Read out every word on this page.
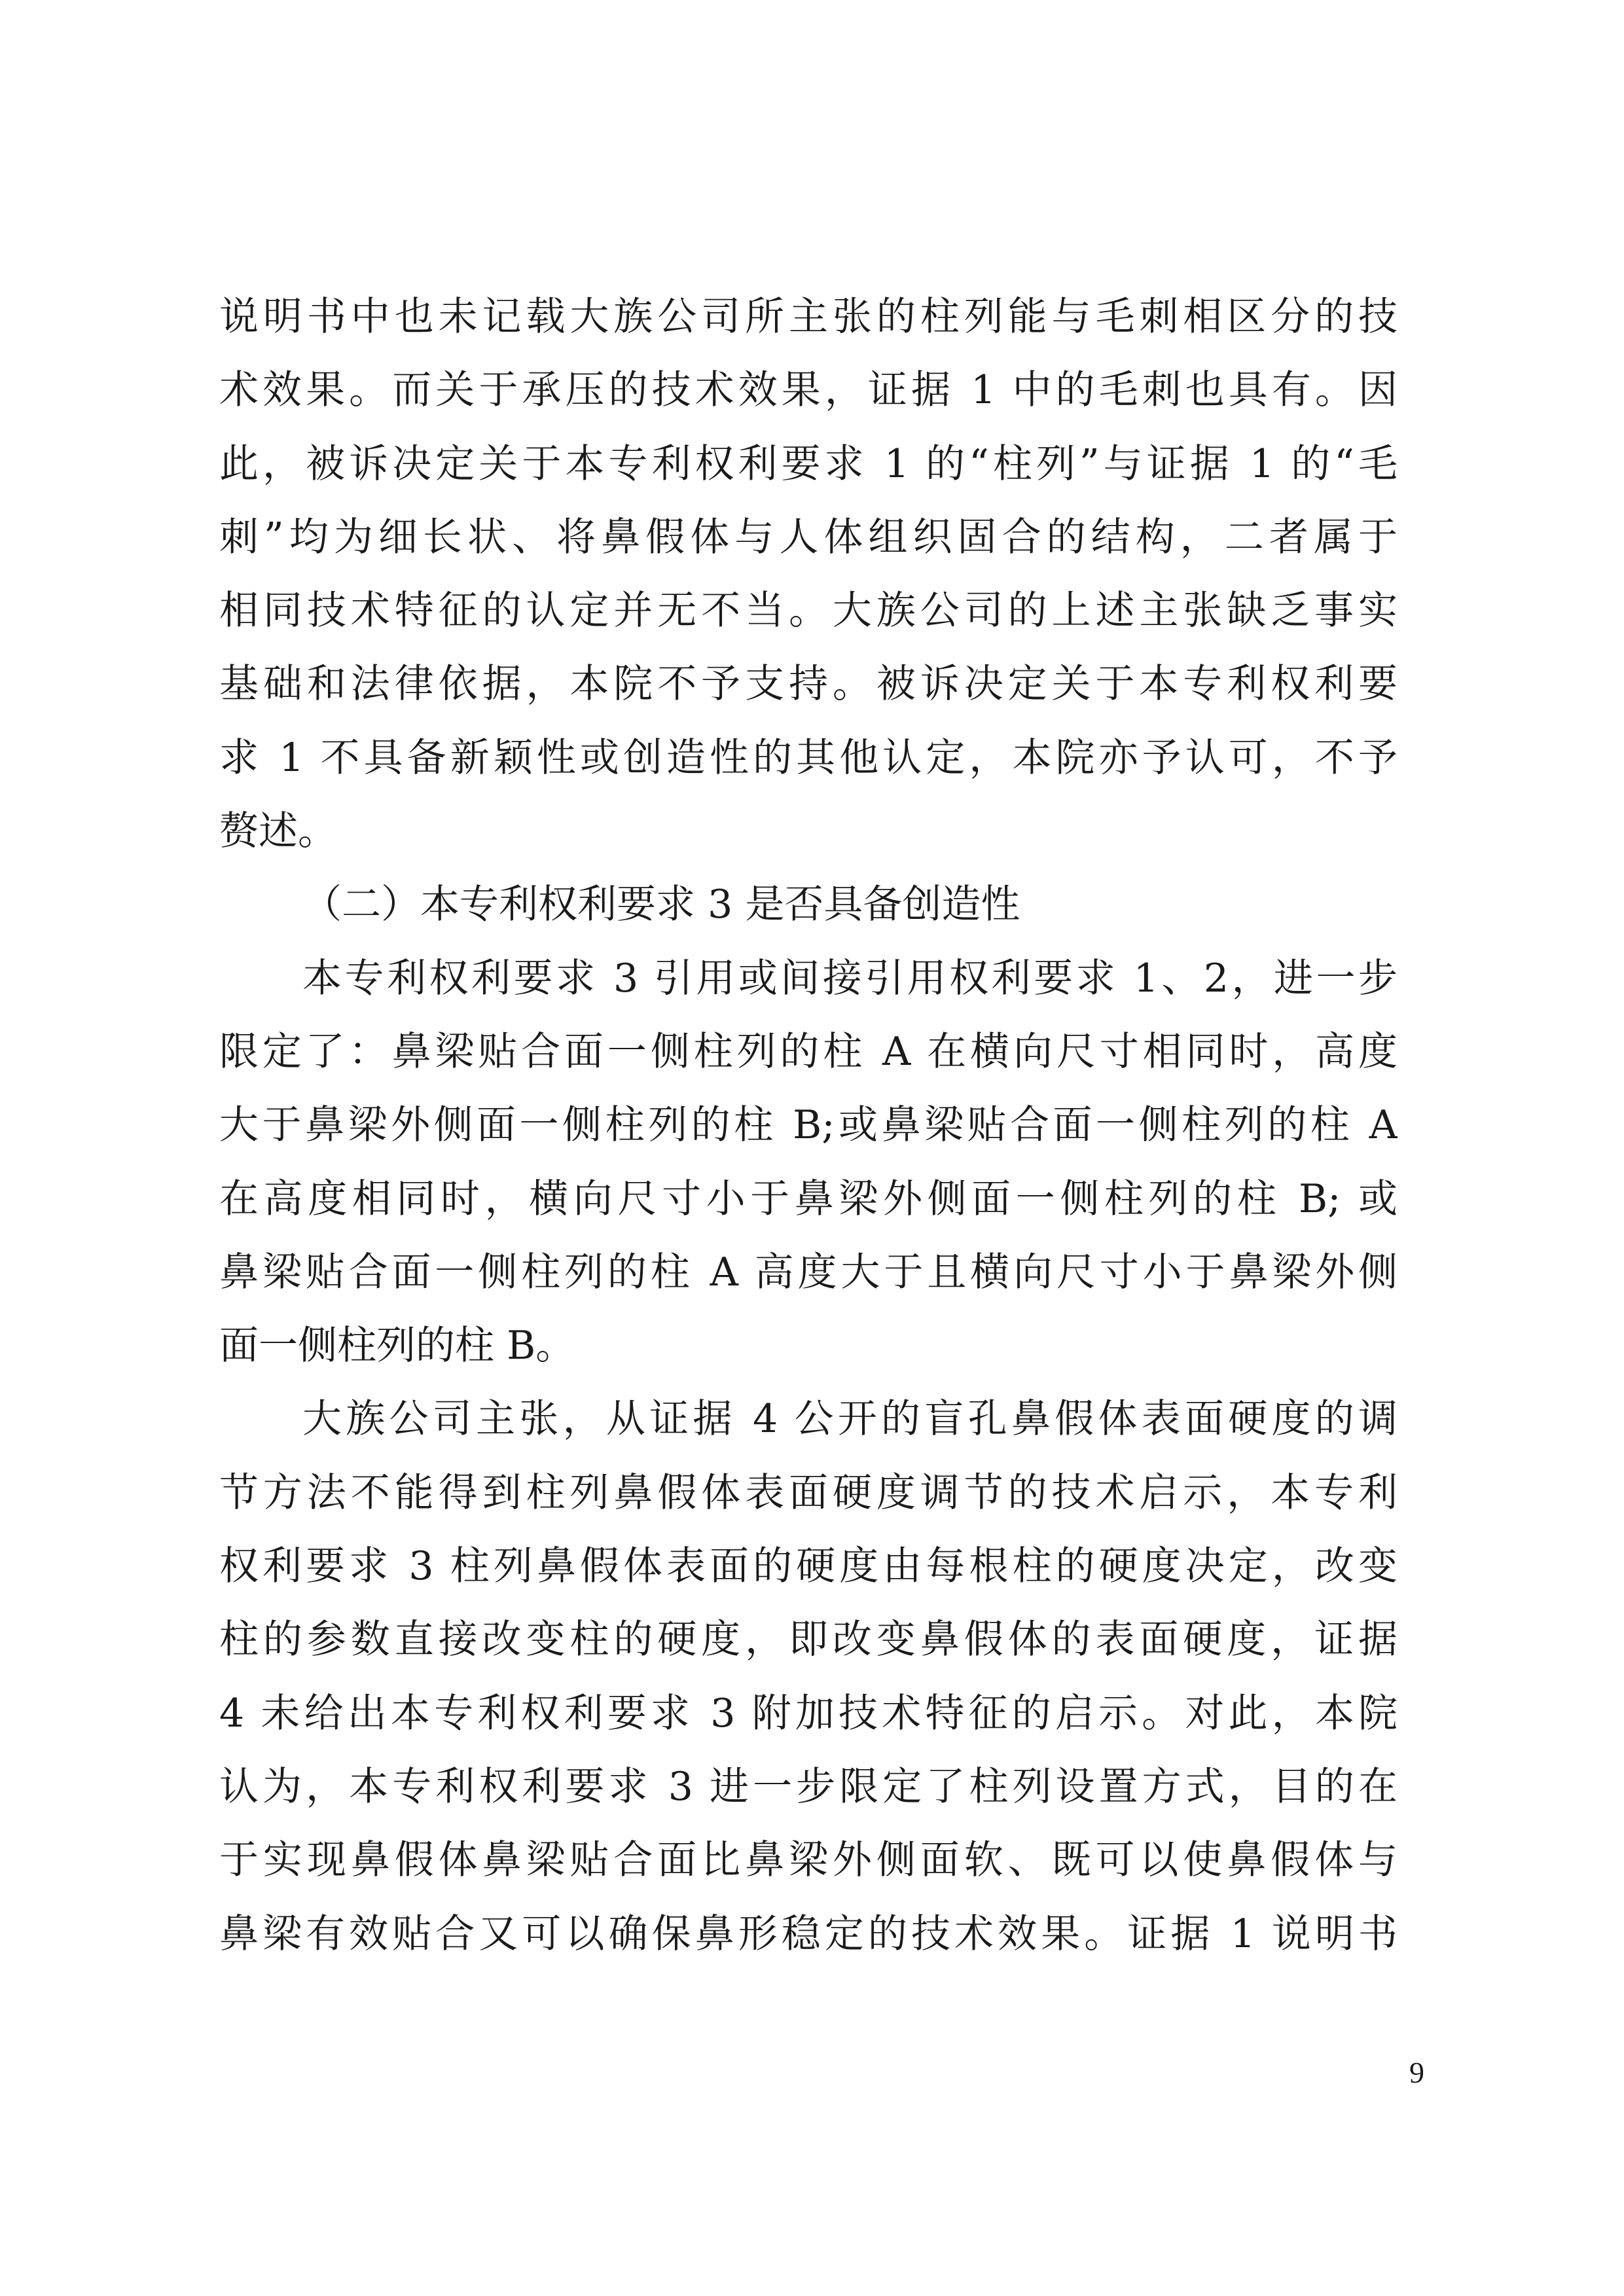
说明书中也未记载大族公司所主张的柱列能与毛刺相区分的技
术效果。而关于承压的技术效果，证据 1 中的毛刺也具有。因
此，被诉决定关于本专利权利要求 1 的“柱列”与证据 1 的“毛
刺”均为细长状、将鼻假体与人体组织固合的结构，二者属于
相同技术特征的认定并无不当。大族公司的上述主张缺乏事实
基础和法律依据，本院不予支持。被诉决定关于本专利权利要
求 1 不具备新颖性或创造性的其他认定，本院亦予认可，不予
赘述。
（二）本专利权利要求 3 是否具备创造性
本专利权利要求 3 引用或间接引用权利要求 1、2，进一步
限定了：鼻梁贴合面一侧柱列的柱 A 在横向尺寸相同时，高度
大于鼻梁外侧面一侧柱列的柱 B;或鼻梁贴合面一侧柱列的柱 A
在高度相同时，横向尺寸小于鼻梁外侧面一侧柱列的柱 B; 或
鼻梁贴合面一侧柱列的柱 A 高度大于且横向尺寸小于鼻梁外侧
面一侧柱列的柱 B。
大族公司主张，从证据 4 公开的盲孔鼻假体表面硬度的调
节方法不能得到柱列鼻假体表面硬度调节的技术启示，本专利
权利要求 3 柱列鼻假体表面的硬度由每根柱的硬度决定，改变
柱的参数直接改变柱的硬度，即改变鼻假体的表面硬度，证据
4 未给出本专利权利要求 3 附加技术特征的启示。对此，本院
认为，本专利权利要求 3 进一步限定了柱列设置方式，目的在
于实现鼻假体鼻梁贴合面比鼻梁外侧面软、既可以使鼻假体与
鼻梁有效贴合又可以确保鼻形稳定的技术效果。证据 1 说明书
9
